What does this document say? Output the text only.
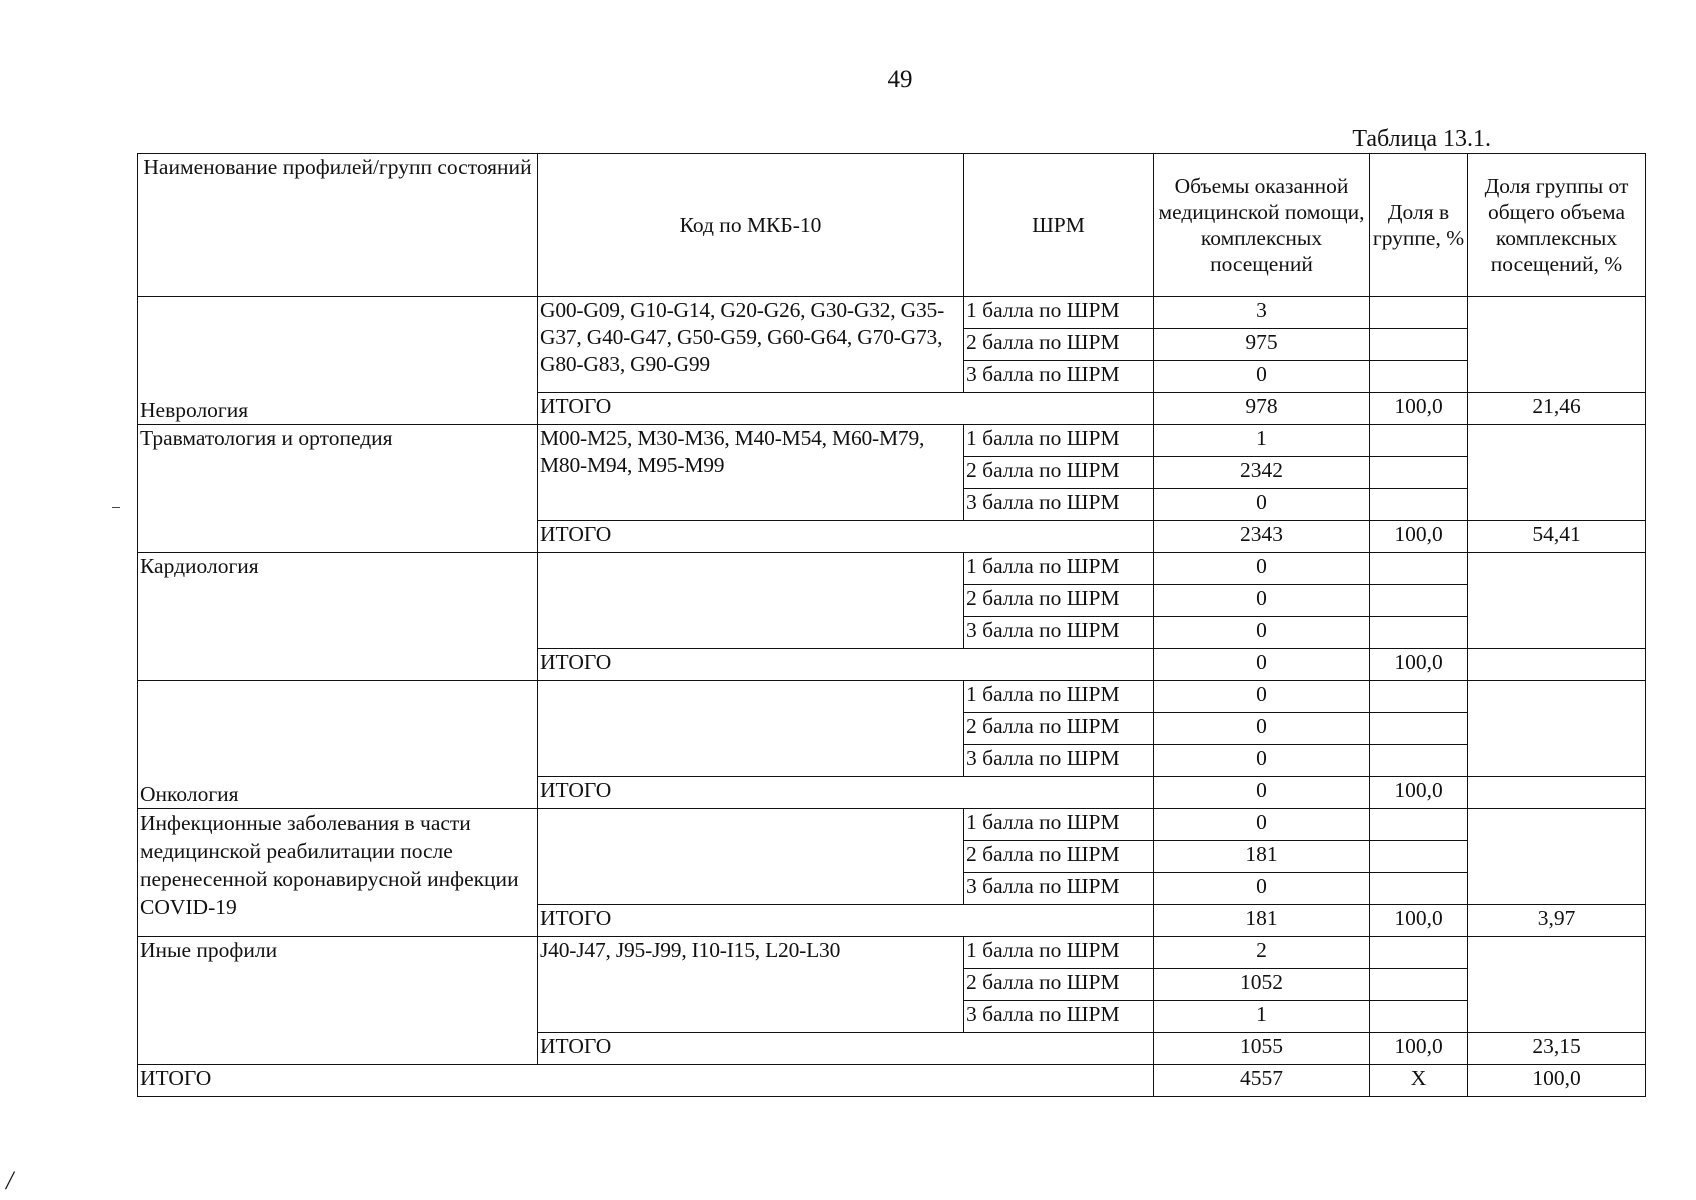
49
Таблица 13.1.
Наименование профилей/групп состояний	Код по МКБ-10	ШРМ	Объемы оказанной медицинской помощи, комплексных посещений	Доля в группе, %	Доля группы от общего объема комплексных посещений, %
Неврология	G00-G09, G10-G14, G20-G26, G30-G32, G35-G37, G40-G47, G50-G59, G60-G64, G70-G73, G80-G83, G90-G99	1 балла по ШРМ	3		
		2 балла по ШРМ	975		
		3 балла по ШРМ	0		
	ИТОГО		978	100,0	21,46
Травматология и ортопедия	M00-M25, M30-M36, M40-M54, M60-M79, M80-M94, M95-M99	1 балла по ШРМ	1		
		2 балла по ШРМ	2342		
		3 балла по ШРМ	0		
	ИТОГО		2343	100,0	54,41
Кардиология		1 балла по ШРМ	0		
		2 балла по ШРМ	0		
		3 балла по ШРМ	0		
	ИТОГО		0	100,0	
Онкология		1 балла по ШРМ	0		
		2 балла по ШРМ	0		
		3 балла по ШРМ	0		
	ИТОГО		0	100,0	
Инфекционные заболевания в части медицинской реабилитации после перенесенной коронавирусной инфекции COVID-19		1 балла по ШРМ	0		
		2 балла по ШРМ	181		
		3 балла по ШРМ	0		
	ИТОГО		181	100,0	3,97
Иные профили	J40-J47, J95-J99, I10-I15, L20-L30	1 балла по ШРМ	2		
		2 балла по ШРМ	1052		
		3 балла по ШРМ	1		
	ИТОГО		1055	100,0	23,15
ИТОГО			4557	X	100,0
/
